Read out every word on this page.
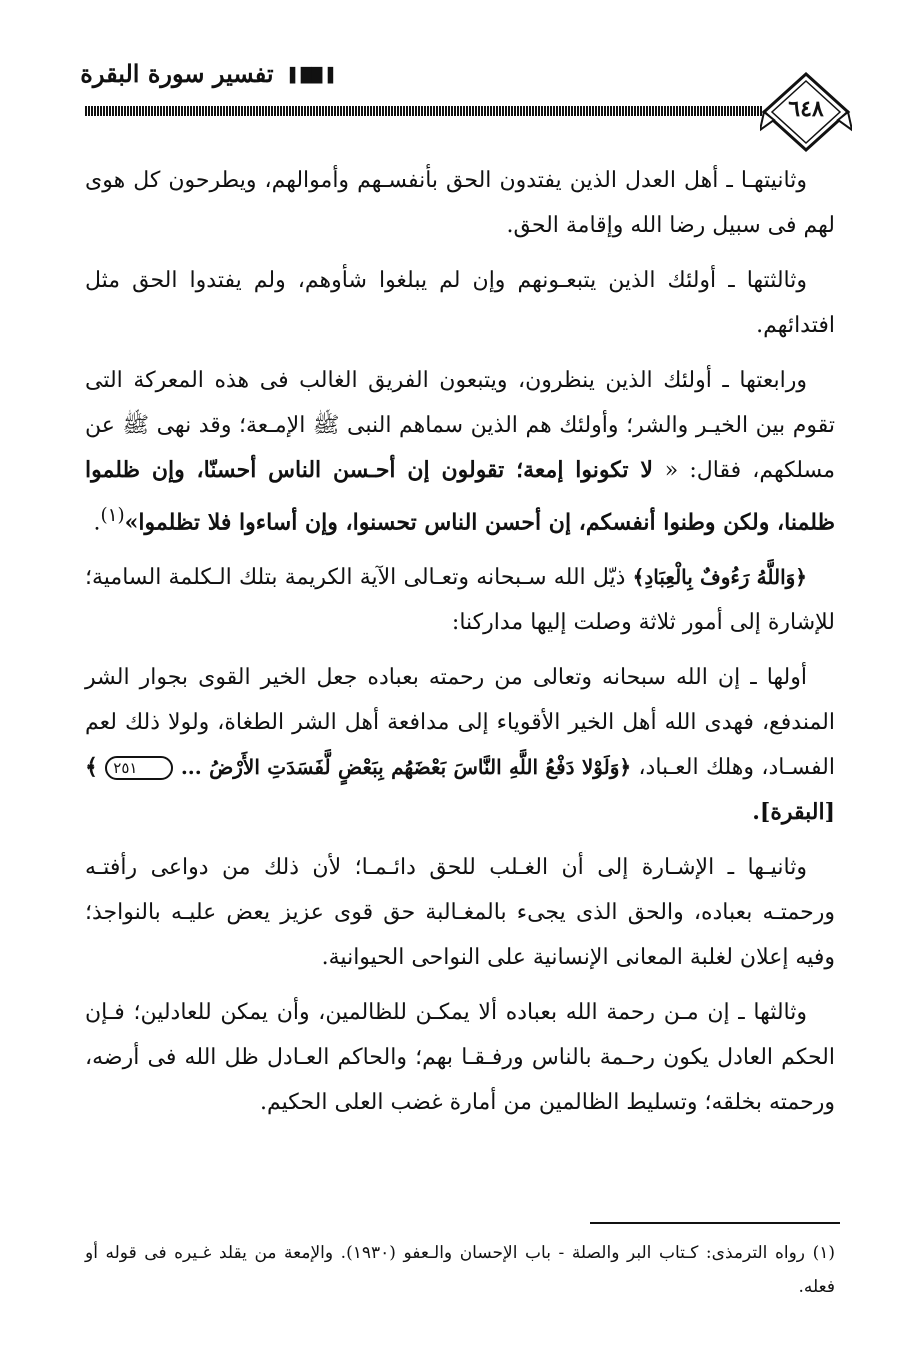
▐██▌ تفسير سورة البقرة
٦٤٨

وثانيتهـا ـ أهل العدل الذين يفتدون الحق بأنفسـهم وأموالهم، ويطرحون كل هوى لهم فى سبيل رضا الله وإقامة الحق.

وثالثتها ـ أولئك الذين يتبعـونهم وإن لم يبلغوا شأوهم، ولم يفتدوا الحق مثل افتدائهم.

ورابعتها ـ أولئك الذين ينظرون، ويتبعون الفريق الغالب فى هذه المعركة التى تقوم بين الخيـر والشر؛ وأولئك هم الذين سماهم النبى ﷺ الإمـعة؛ وقد نهى ﷺ عن مسلكهم، فقال: « لا تكونوا إمعة؛ تقولون إن أحـسن الناس أحسنّا، وإن ظلموا ظلمنا، ولكن وطنوا أنفسكم، إن أحسن الناس تحسنوا، وإن أساءوا فلا تظلموا»$^{(١)}$.

﴿وَاللَّهُ رَءُوفٌ بِالْعِبَادِ﴾ ذيّل الله سـبحانه وتعـالى الآية الكريمة بتلك الـكلمة السامية؛ للإشارة إلى أمور ثلاثة وصلت إليها مداركنا:

أولها ـ إن الله سبحانه وتعالى من رحمته بعباده جعل الخير القوى بجوار الشر المندفع، فهدى الله أهل الخير الأقوياء إلى مدافعة أهل الشر الطغاة، ولولا ذلك لعم الفسـاد، وهلك العـباد، ﴿وَلَوْلا دَفْعُ اللَّهِ النَّاسَ بَعْضَهُم بِبَعْضٍ لَّفَسَدَتِ الأَرْضُ ... ٢٥١ ﴾ [البقرة].

وثانيـها ـ الإشـارة إلى أن الغـلب للحق دائـمـا؛ لأن ذلك من دواعى رأفتـه ورحمتـه بعباده، والحق الذى يجىء بالمغـالبة حق قوى عزيز يعض عليـه بالنواجذ؛ وفيه إعلان لغلبة المعانى الإنسانية على النواحى الحيوانية.

وثالثها ـ إن مـن رحمة الله بعباده ألا يمكـن للظالمين، وأن يمكن للعادلين؛ فـإن الحكم العادل يكون رحـمة بالناس ورفـقـا بهم؛ والحاكم العـادل ظل الله فى أرضه، ورحمته بخلقه؛ وتسليط الظالمين من أمارة غضب العلى الحكيم.

(١) رواه الترمذى: كـتاب البر والصلة - باب الإحسان والـعفو (١٩٣٠). والإمعة من يقلد غـيره فى قوله أو فعله.
